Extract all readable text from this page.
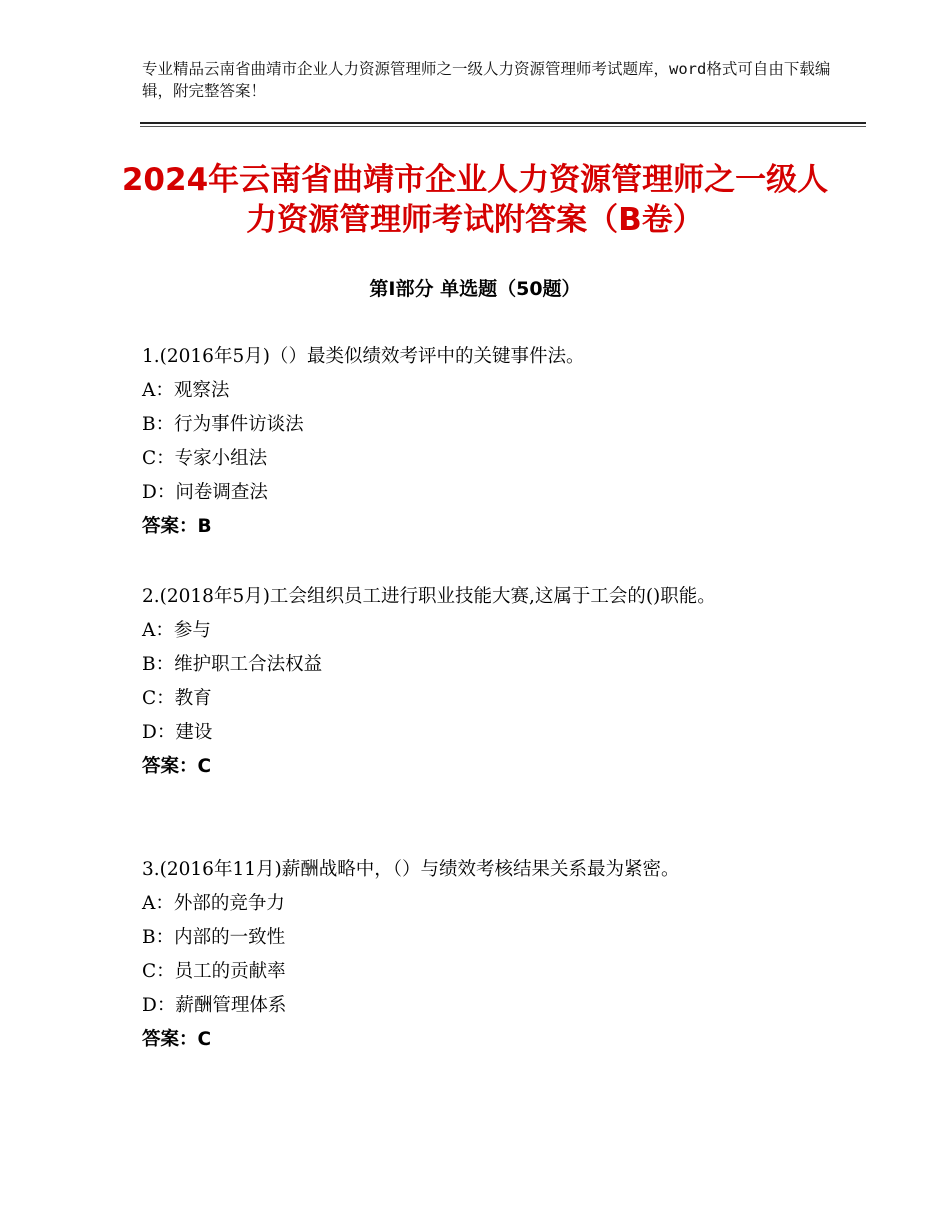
专业精品云南省曲靖市企业人力资源管理师之一级人力资源管理师考试题库，word格式可自由下载编辑，附完整答案！
2024年云南省曲靖市企业人力资源管理师之一级人力资源管理师考试附答案（B卷）
第Ⅰ部分 单选题（50题）
1.(2016年5月)（）最类似绩效考评中的关键事件法。
A：观察法
B：行为事件访谈法
C：专家小组法
D：问卷调查法
答案：B
2.(2018年5月)工会组织员工进行职业技能大赛,这属于工会的()职能。
A：参与
B：维护职工合法权益
C：教育
D：建设
答案：C
3.(2016年11月)薪酬战略中，（）与绩效考核结果关系最为紧密。
A：外部的竞争力
B：内部的一致性
C：员工的贡献率
D：薪酬管理体系
答案：C
